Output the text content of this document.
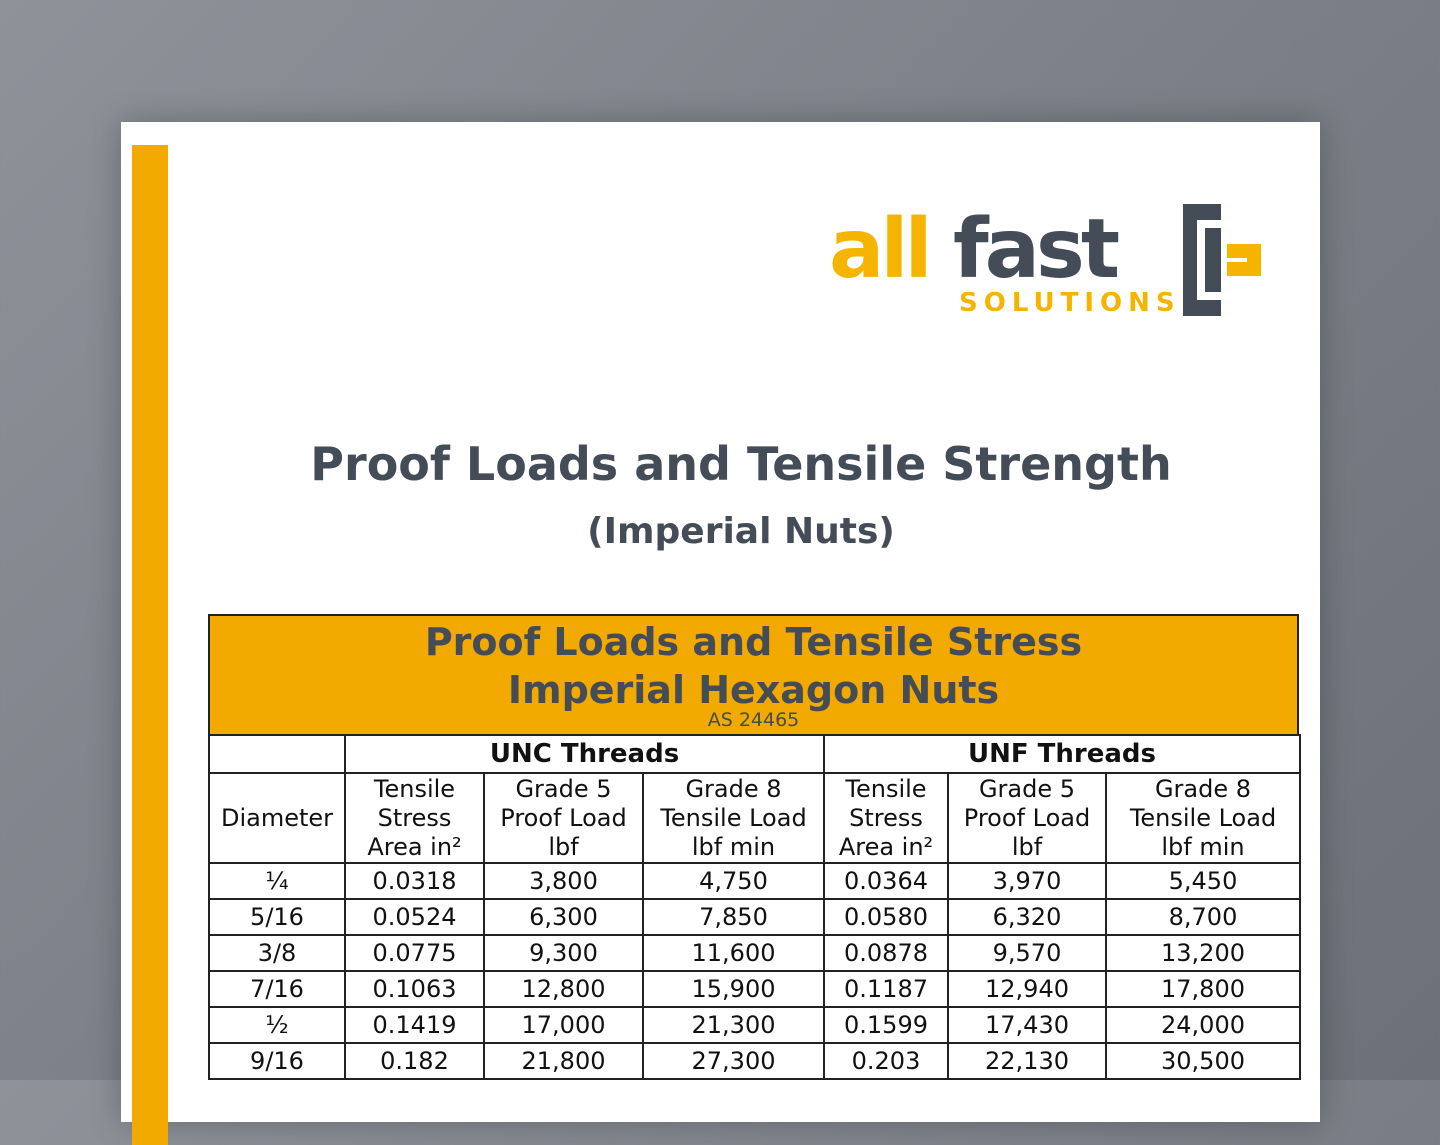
all fast
SOLUTIONS
Proof Loads and Tensile Strength
(Imperial Nuts)
Proof Loads and Tensile Stress
Imperial Hexagon Nuts
AS 24465
	UNC Threads			UNF Threads		

Diameter	Tensile
Stress
Area in²	Grade 5
Proof Load
lbf	Grade 8
Tensile Load
lbf min	Tensile
Stress
Area in²	Grade 5
Proof Load
lbf	Grade 8
Tensile Load
lbf min

¼	0.0318	3,800	4,750	0.0364	3,970	5,450
5/16	0.0524	6,300	7,850	0.0580	6,320	8,700
3/8	0.0775	9,300	11,600	0.0878	9,570	13,200
7/16	0.1063	12,800	15,900	0.1187	12,940	17,800
½	0.1419	17,000	21,300	0.1599	17,430	24,000
9/16	0.182	21,800	27,300	0.203	22,130	30,500
